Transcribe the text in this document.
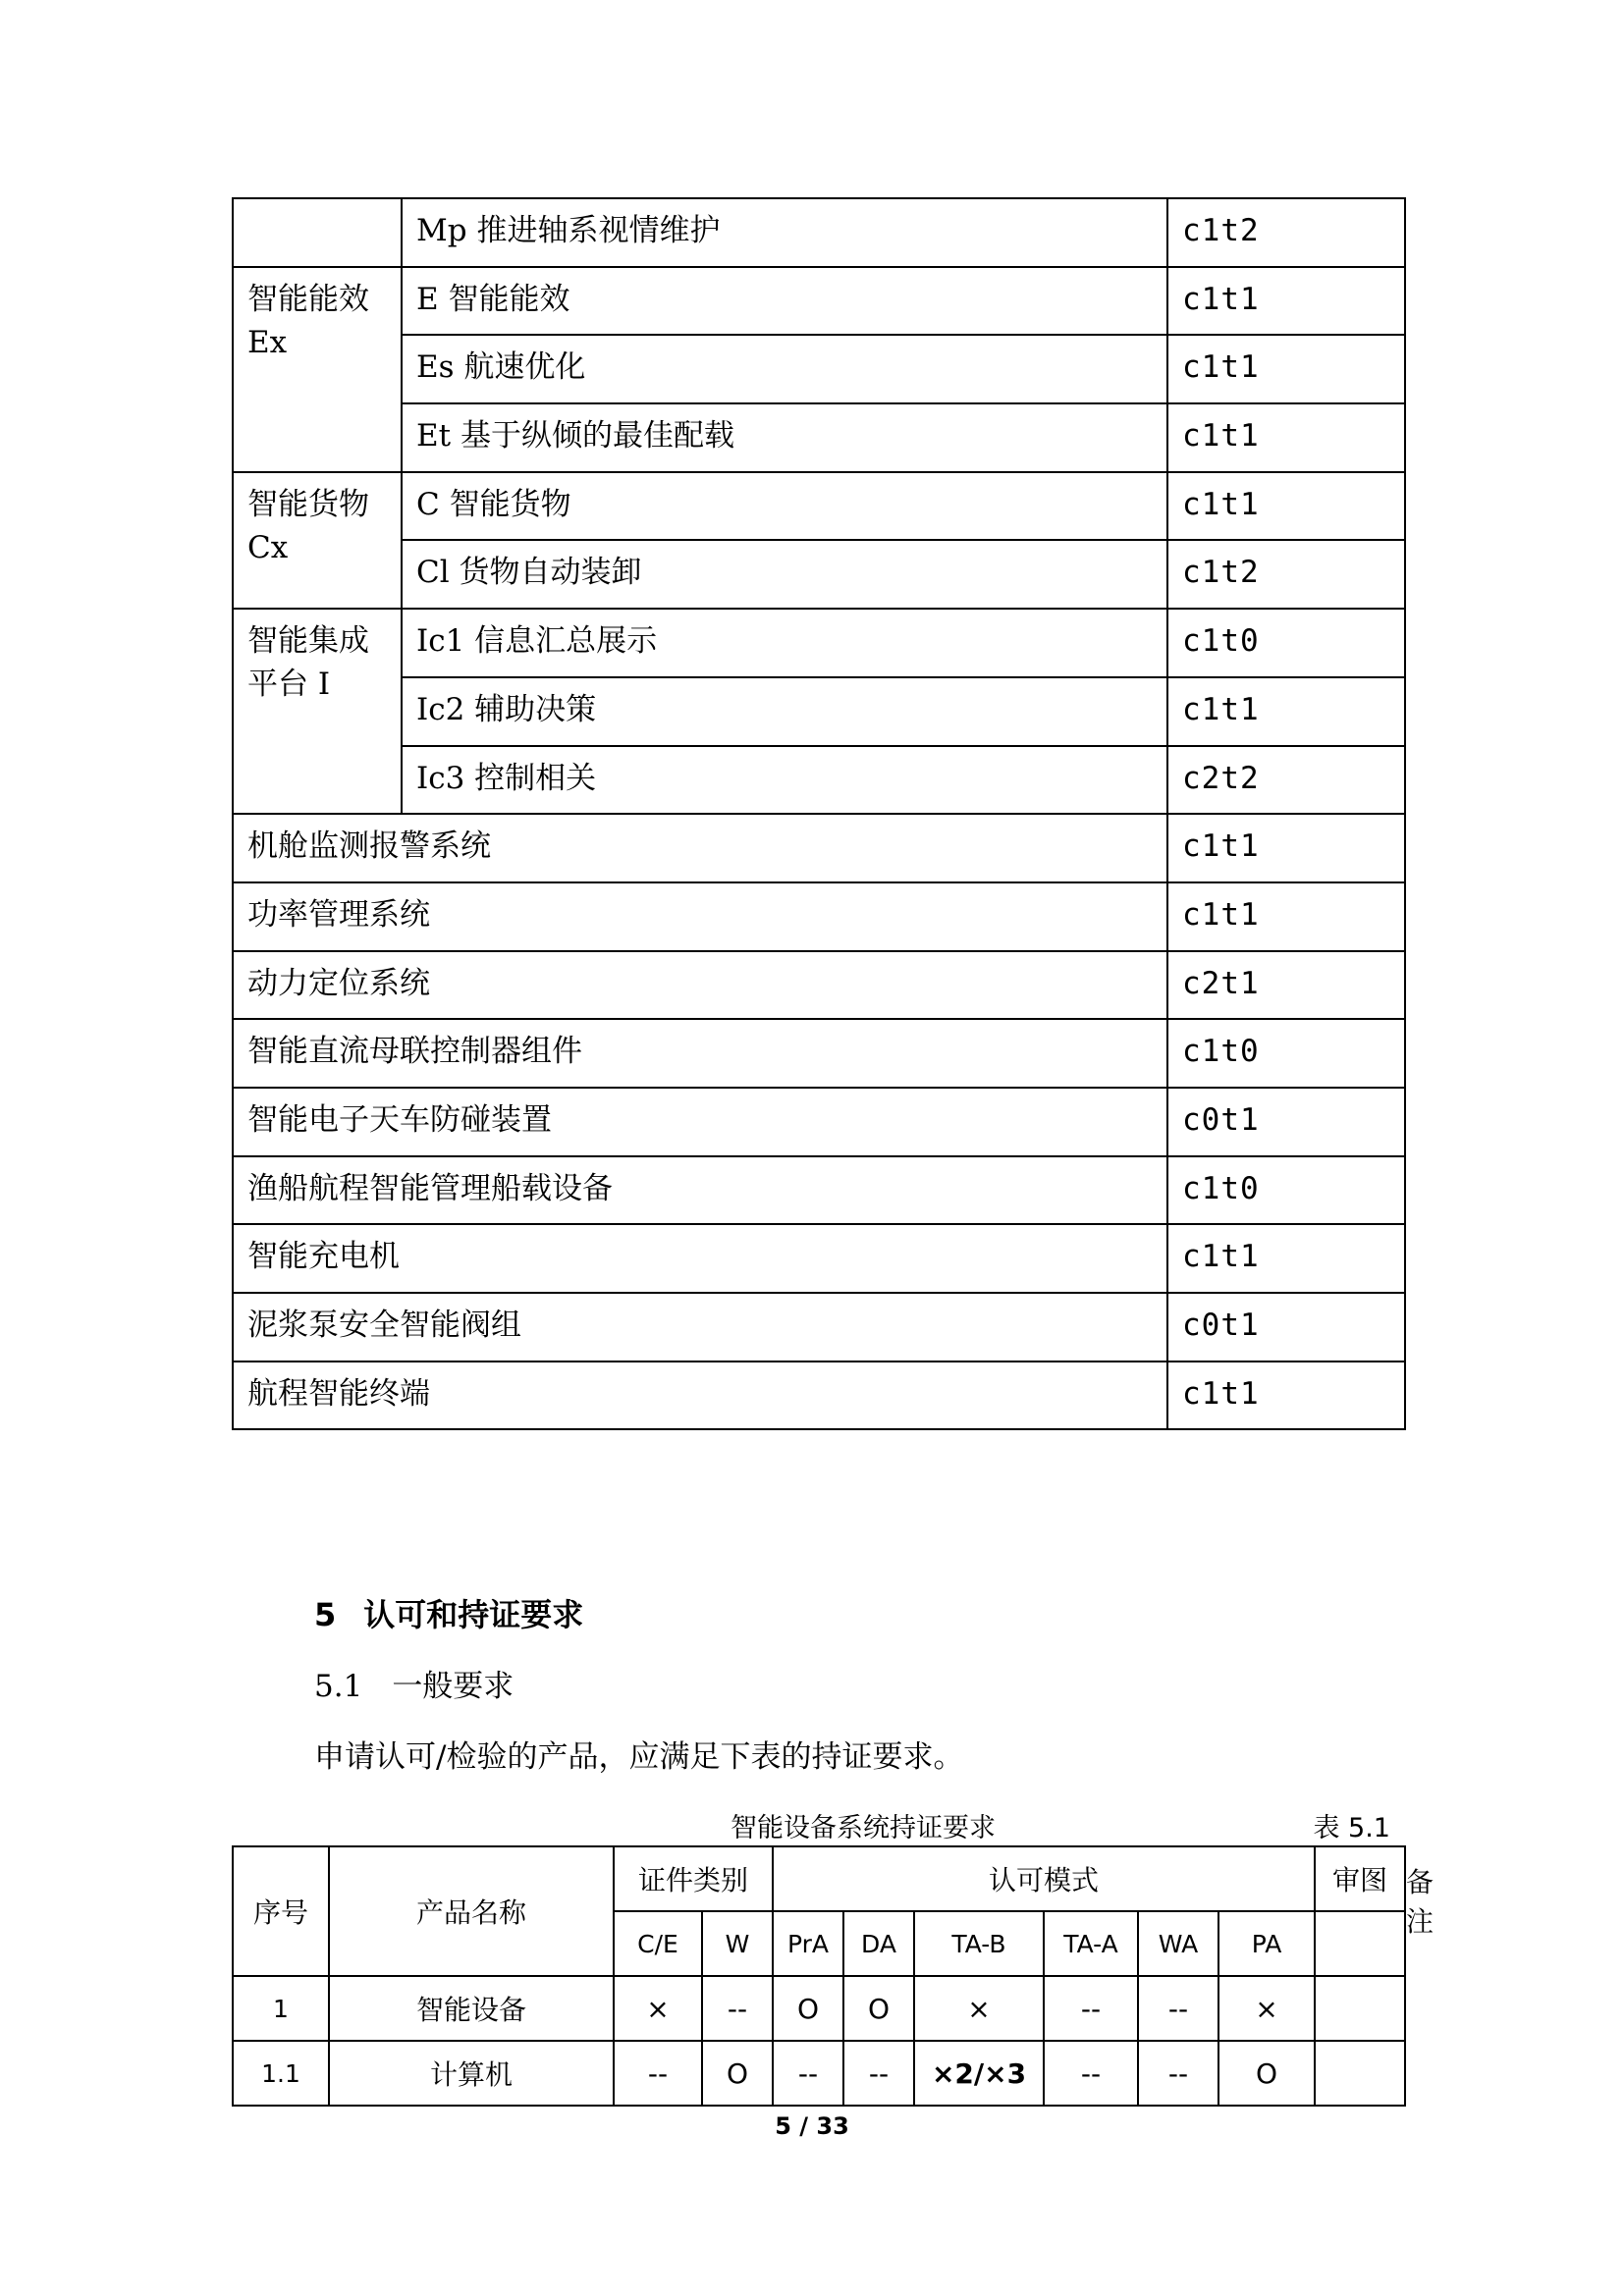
	Mp 推进轴系视情维护	c1t2
智能能效 Ex	E 智能能效	c1t1
	Es 航速优化	c1t1
	Et 基于纵倾的最佳配载	c1t1
智能货物 Cx	C 智能货物	c1t1
	Cl 货物自动装卸	c1t2
智能集成平台 I	Ic1 信息汇总展示	c1t0
	Ic2 辅助决策	c1t1
	Ic3 控制相关	c2t2
机舱监测报警系统		c1t1
功率管理系统		c1t1
动力定位系统		c2t1
智能直流母联控制器组件		c1t0
智能电子天车防碰装置		c0t1
渔船航程智能管理船载设备		c1t0
智能充电机		c1t1
泥浆泵安全智能阀组		c0t1
航程智能终端		c1t1
5 认可和持证要求
5.1 一般要求
申请认可/检验的产品，应满足下表的持证要求。
智能设备系统持证要求	表 5.1
序号	产品名称	证件类别		认可模式						审图	备注
		C/E	W	PrA	DA	TA-B	TA-A	WA	PA		
1	智能设备	×	--	O	O	×	--	--	×		
1.1	计算机	--	O	--	--	×2/×3	--	--	O		
5 / 33
